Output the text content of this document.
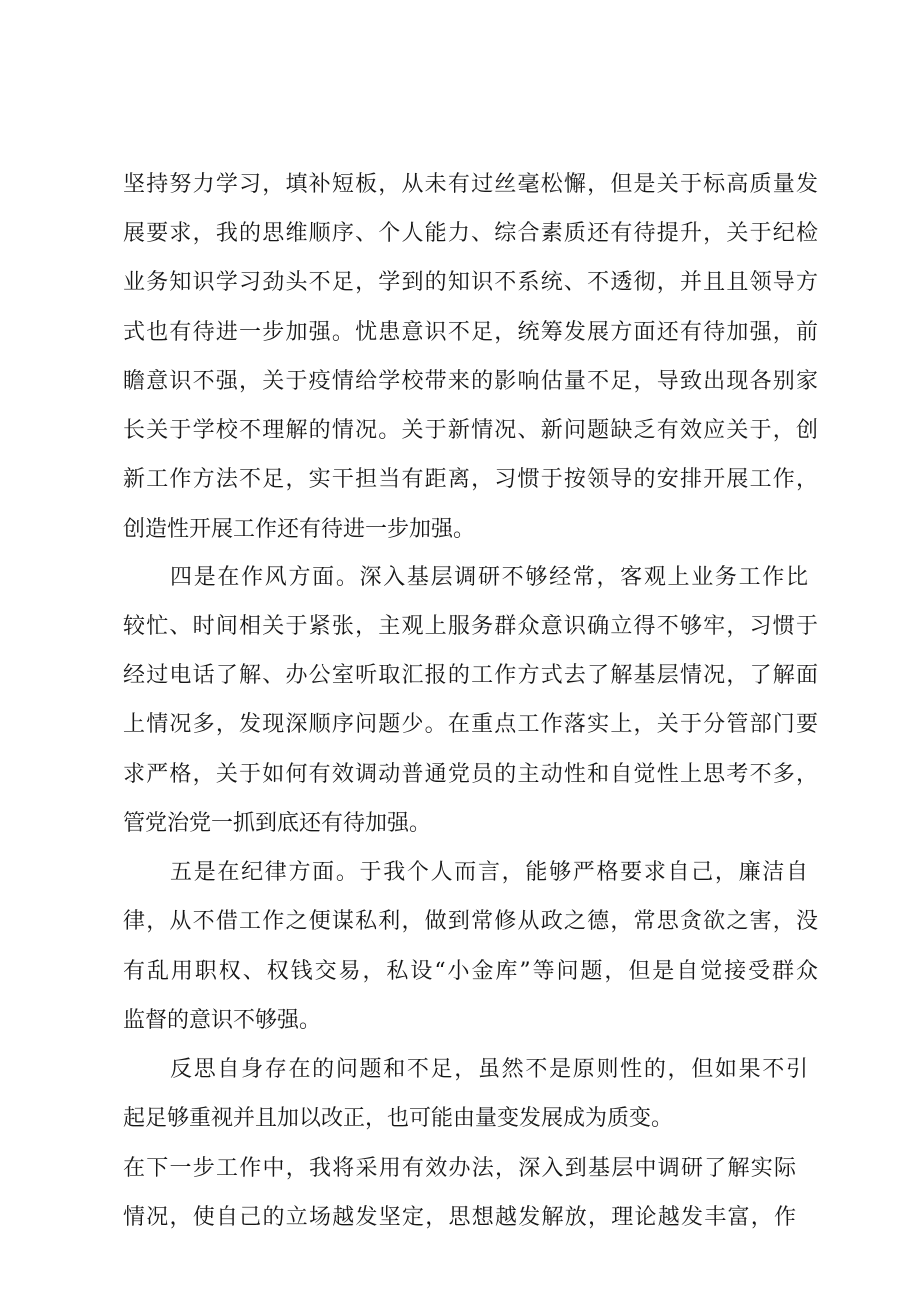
坚持努力学习，填补短板，从未有过丝毫松懈，但是关于标高质量发
展要求，我的思维顺序、个人能力、综合素质还有待提升，关于纪检
业务知识学习劲头不足，学到的知识不系统、不透彻，并且且领导方
式也有待进一步加强。忧患意识不足，统筹发展方面还有待加强，前
瞻意识不强，关于疫情给学校带来的影响估量不足，导致出现各别家
长关于学校不理解的情况。关于新情况、新问题缺乏有效应关于，创
新工作方法不足，实干担当有距离，习惯于按领导的安排开展工作，
创造性开展工作还有待进一步加强。
四是在作风方面。深入基层调研不够经常，客观上业务工作比
较忙、时间相关于紧张，主观上服务群众意识确立得不够牢，习惯于
经过电话了解、办公室听取汇报的工作方式去了解基层情况，了解面
上情况多，发现深顺序问题少。在重点工作落实上，关于分管部门要
求严格，关于如何有效调动普通党员的主动性和自觉性上思考不多，
管党治党一抓到底还有待加强。
五是在纪律方面。于我个人而言，能够严格要求自己，廉洁自
律，从不借工作之便谋私利，做到常修从政之德，常思贪欲之害，没
有乱用职权、权钱交易，私设“小金库”等问题，但是自觉接受群众
监督的意识不够强。
反思自身存在的问题和不足，虽然不是原则性的，但如果不引
起足够重视并且加以改正，也可能由量变发展成为质变。
在下一步工作中，我将采用有效办法，深入到基层中调研了解实际
情况，使自己的立场越发坚定，思想越发解放，理论越发丰富，作
